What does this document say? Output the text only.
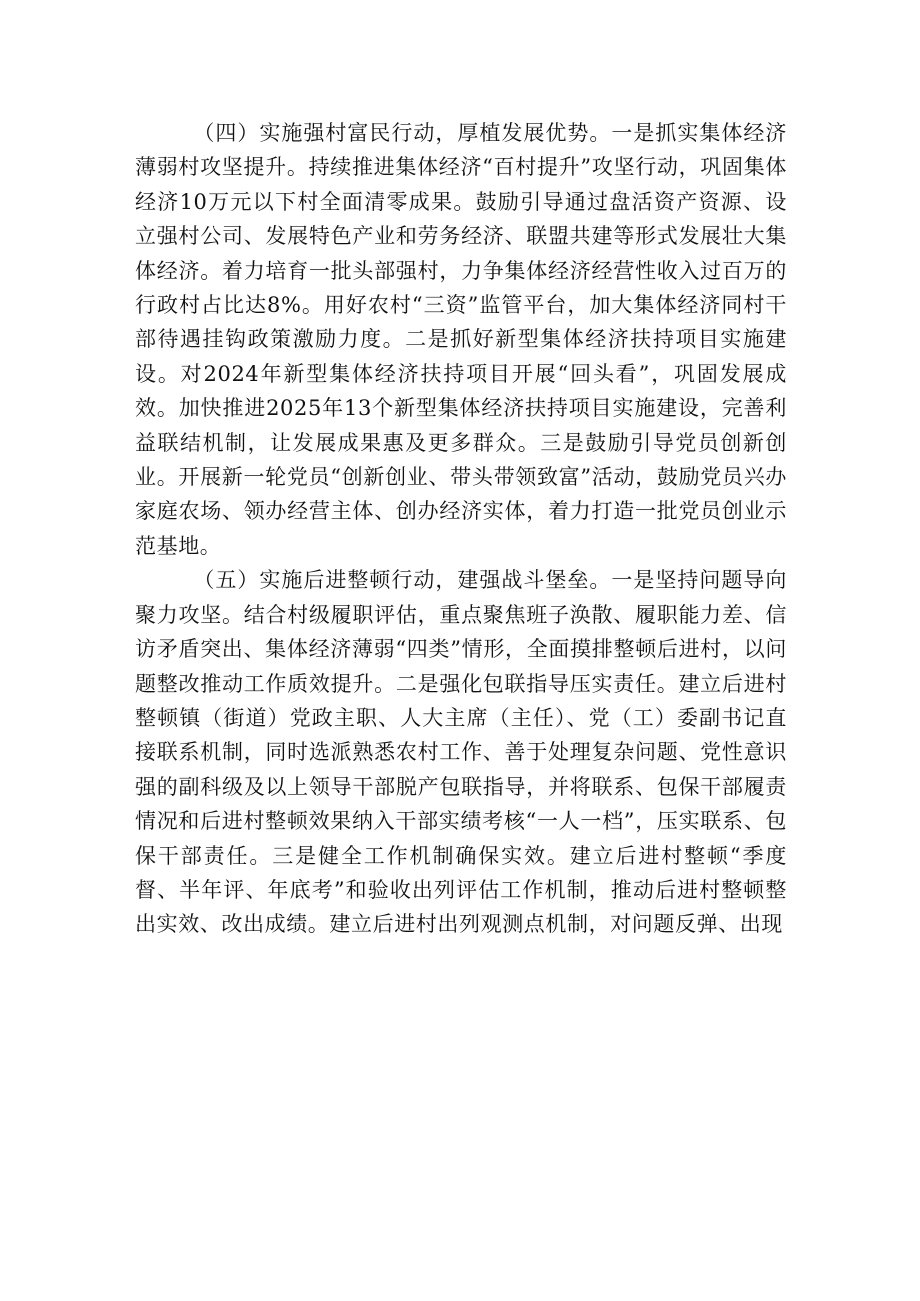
（四）实施强村富民行动，厚植发展优势。一是抓实集体经济薄弱村攻坚提升。持续推进集体经济“百村提升”攻坚行动，巩固集体经济10万元以下村全面清零成果。鼓励引导通过盘活资产资源、设立强村公司、发展特色产业和劳务经济、联盟共建等形式发展壮大集体经济。着力培育一批头部强村，力争集体经济经营性收入过百万的行政村占比达8%。用好农村“三资”监管平台，加大集体经济同村干部待遇挂钩政策激励力度。二是抓好新型集体经济扶持项目实施建设。对2024年新型集体经济扶持项目开展“回头看”，巩固发展成效。加快推进2025年13个新型集体经济扶持项目实施建设，完善利益联结机制，让发展成果惠及更多群众。三是鼓励引导党员创新创业。开展新一轮党员“创新创业、带头带领致富”活动，鼓励党员兴办家庭农场、领办经营主体、创办经济实体，着力打造一批党员创业示范基地。

（五）实施后进整顿行动，建强战斗堡垒。一是坚持问题导向聚力攻坚。结合村级履职评估，重点聚焦班子涣散、履职能力差、信访矛盾突出、集体经济薄弱“四类”情形，全面摸排整顿后进村，以问题整改推动工作质效提升。二是强化包联指导压实责任。建立后进村整顿镇（街道）党政主职、人大主席（主任）、党（工）委副书记直接联系机制，同时选派熟悉农村工作、善于处理复杂问题、党性意识强的副科级及以上领导干部脱产包联指导，并将联系、包保干部履责情况和后进村整顿效果纳入干部实绩考核“一人一档”，压实联系、包保干部责任。三是健全工作机制确保实效。建立后进村整顿“季度督、半年评、年底考”和验收出列评估工作机制，推动后进村整顿整出实效、改出成绩。建立后进村出列观测点机制，对问题反弹、出现
